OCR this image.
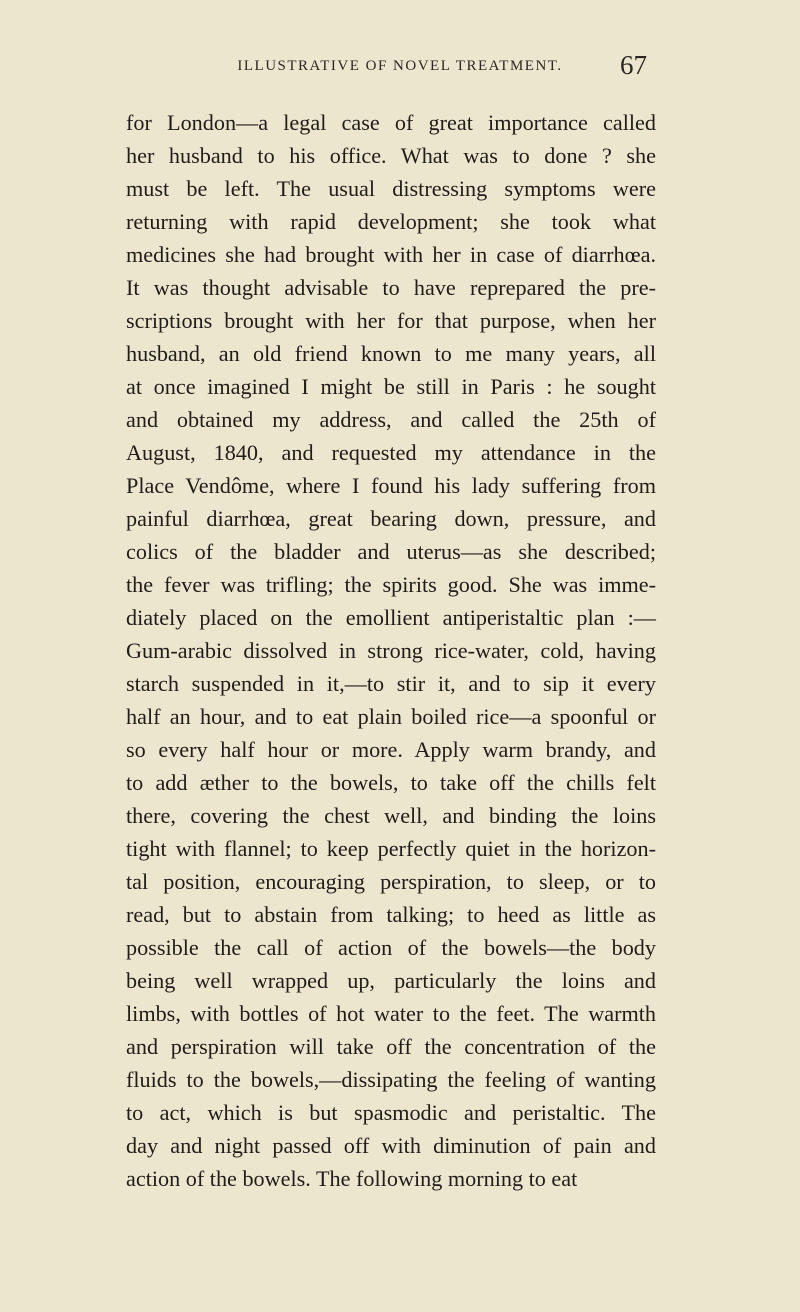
ILLUSTRATIVE OF NOVEL TREATMENT.	67
for London—a legal case of great importance called
her husband to his office. What was to done ? she
must be left. The usual distressing symptoms were
returning with rapid development; she took what
medicines she had brought with her in case of diarrhœa.
It was thought advisable to have reprepared the pre-
scriptions brought with her for that purpose, when her
husband, an old friend known to me many years, all
at once imagined I might be still in Paris : he sought
and obtained my address, and called the 25th of
August, 1840, and requested my attendance in the
Place Vendôme, where I found his lady suffering from
painful diarrhœa, great bearing down, pressure, and
colics of the bladder and uterus—as she described;
the fever was trifling; the spirits good. She was imme-
diately placed on the emollient antiperistaltic plan :—
Gum-arabic dissolved in strong rice-water, cold, having
starch suspended in it,—to stir it, and to sip it every
half an hour, and to eat plain boiled rice—a spoonful or
so every half hour or more. Apply warm brandy, and
to add æther to the bowels, to take off the chills felt
there, covering the chest well, and binding the loins
tight with flannel; to keep perfectly quiet in the horizon-
tal position, encouraging perspiration, to sleep, or to
read, but to abstain from talking; to heed as little as
possible the call of action of the bowels—the body
being well wrapped up, particularly the loins and
limbs, with bottles of hot water to the feet. The warmth
and perspiration will take off the concentration of the
fluids to the bowels,—dissipating the feeling of wanting
to act, which is but spasmodic and peristaltic. The
day and night passed off with diminution of pain and
action of the bowels. The following morning to eat
